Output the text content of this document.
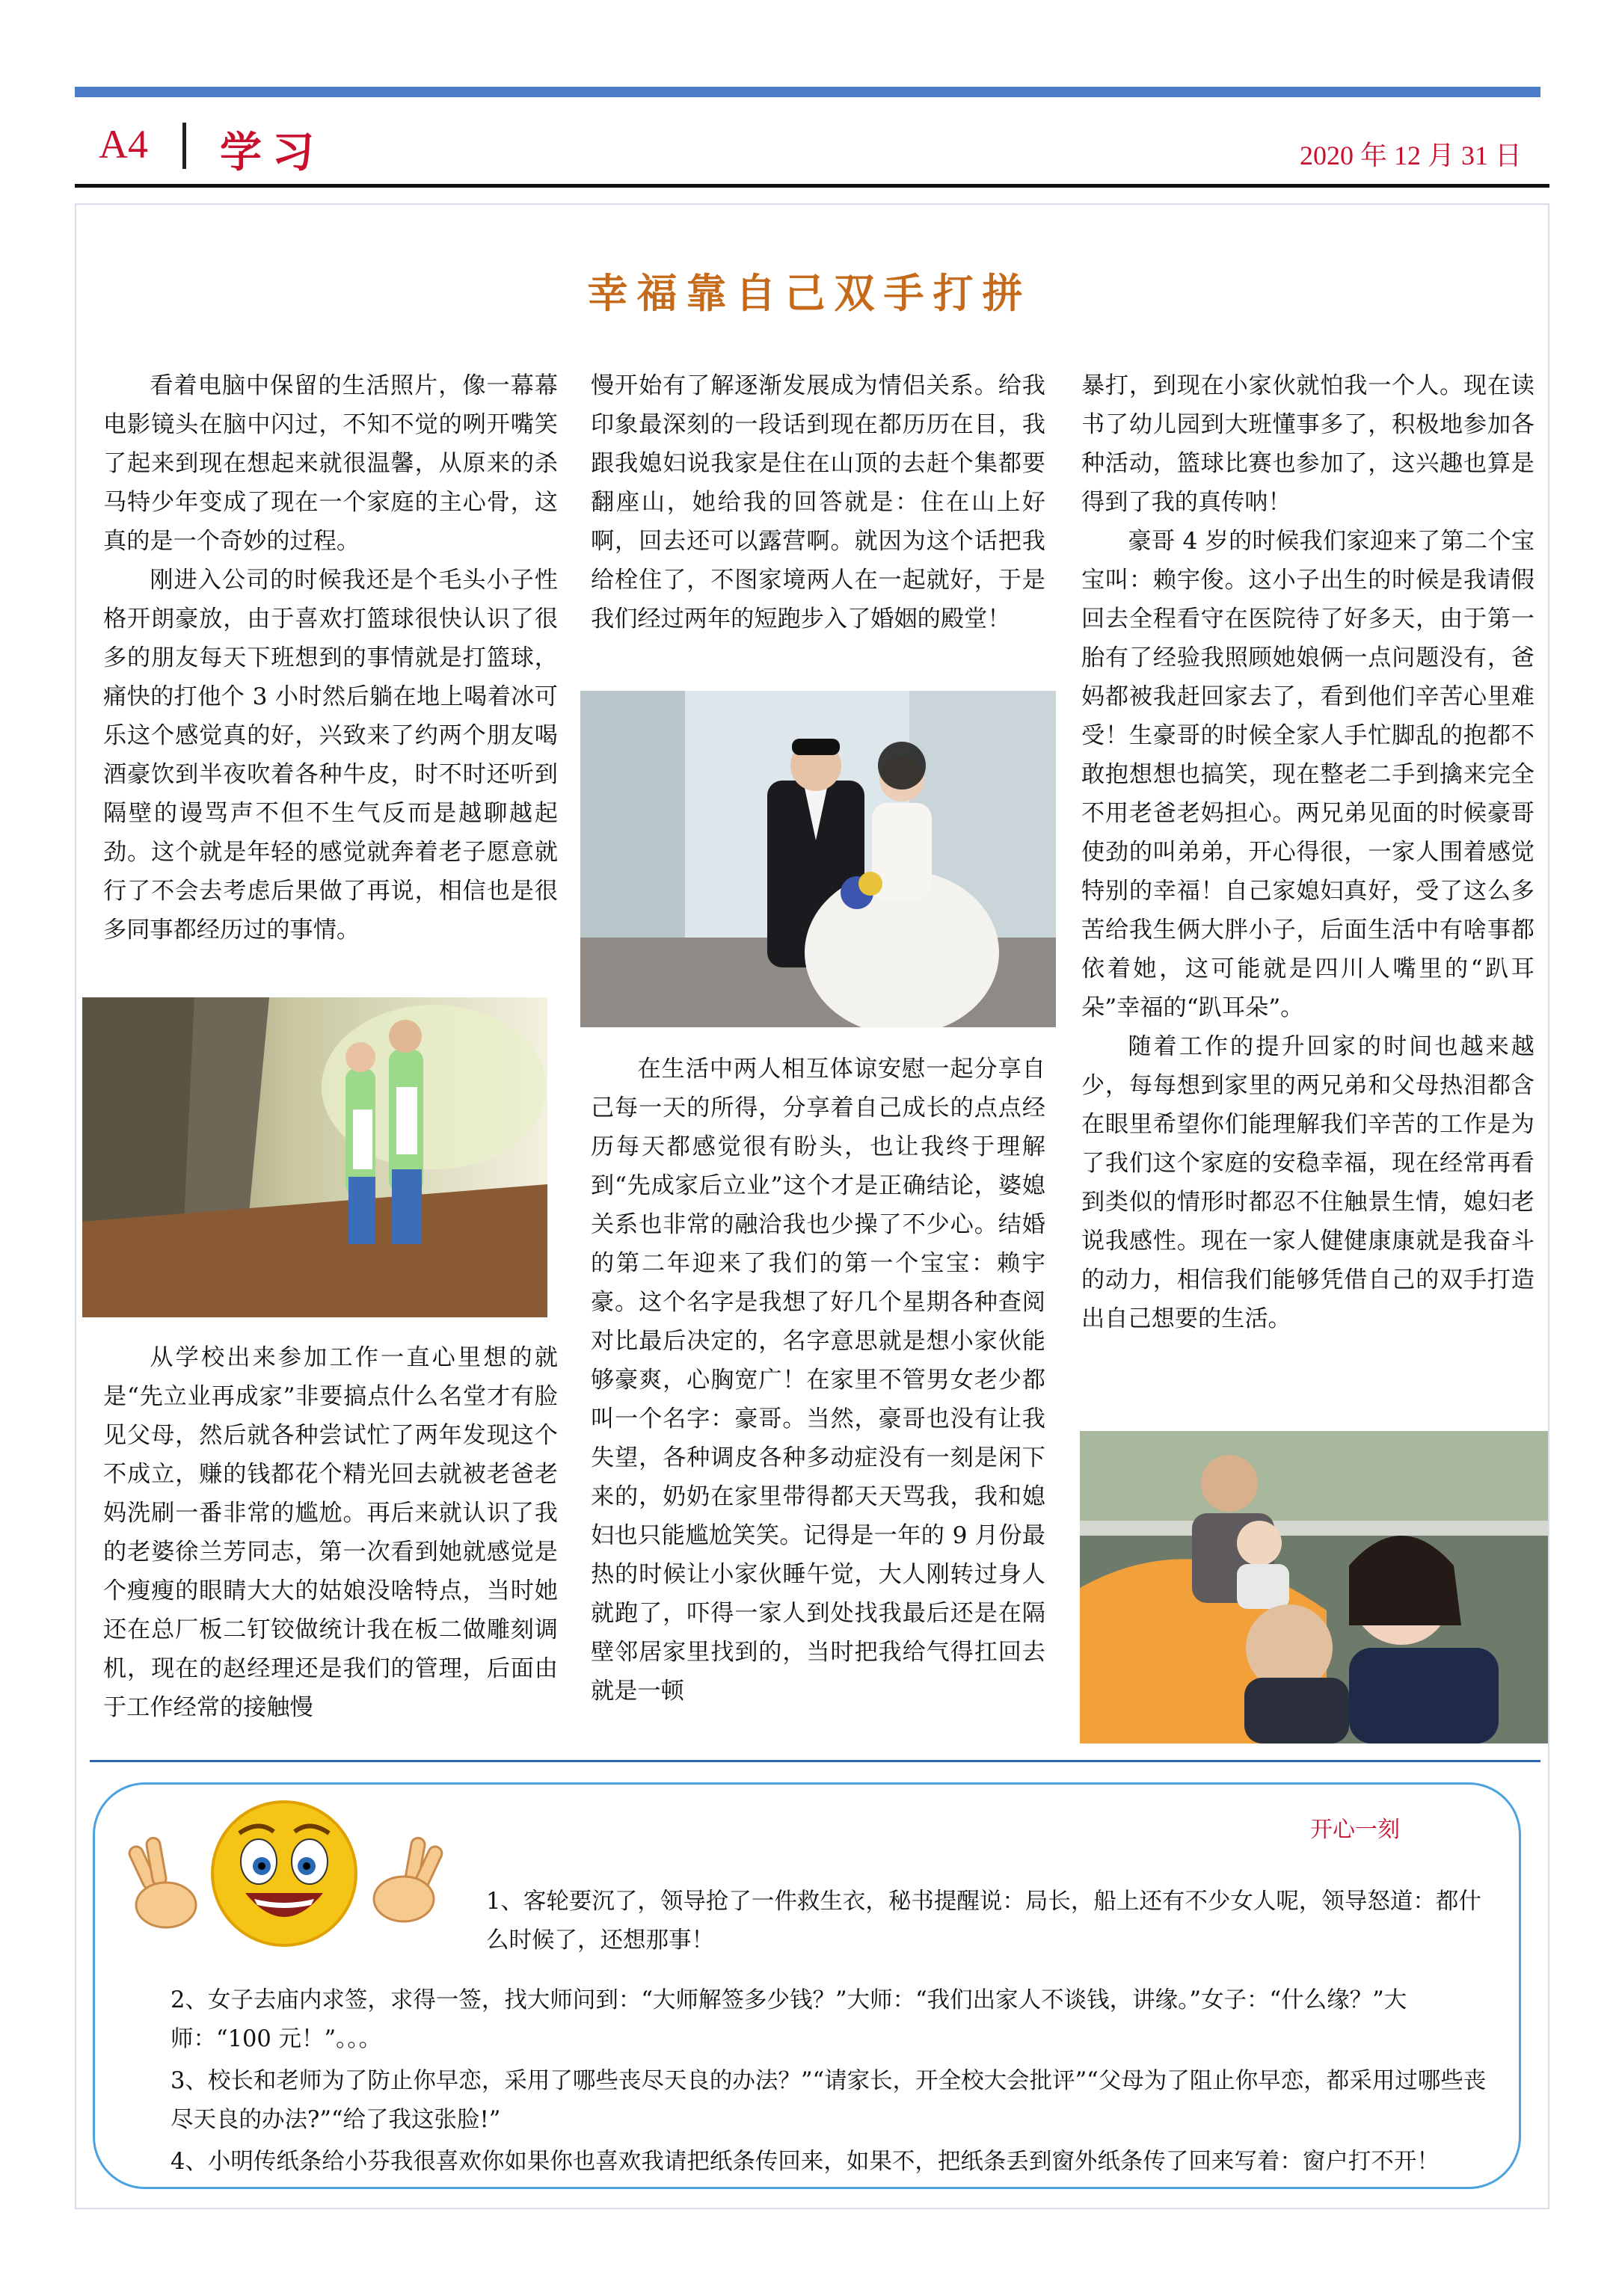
A4 学习	2020 年 12 月 31 日
幸福靠自己双手打拼

看着电脑中保留的生活照片，像一幕幕电影镜头在脑中闪过，不知不觉的咧开嘴笑了起来到现在想起来就很温馨，从原来的杀马特少年变成了现在一个家庭的主心骨，这真的是一个奇妙的过程。

刚进入公司的时候我还是个毛头小子性格开朗豪放，由于喜欢打篮球很快认识了很多的朋友每天下班想到的事情就是打篮球，痛快的打他个 3 小时然后躺在地上喝着冰可乐这个感觉真的好，兴致来了约两个朋友喝酒豪饮到半夜吹着各种牛皮，时不时还听到隔壁的谩骂声不但不生气反而是越聊越起劲。这个就是年轻的感觉就奔着老子愿意就行了不会去考虑后果做了再说，相信也是很多同事都经历过的事情。

从学校出来参加工作一直心里想的就是“先立业再成家”非要搞点什么名堂才有脸见父母，然后就各种尝试忙了两年发现这个不成立，赚的钱都花个精光回去就被老爸老妈洗刷一番非常的尴尬。再后来就认识了我的老婆徐兰芳同志，第一次看到她就感觉是个瘦瘦的眼睛大大的姑娘没啥特点，当时她还在总厂板二钉铰做统计我在板二做雕刻调机，现在的赵经理还是我们的管理，后面由于工作经常的接触慢

慢开始有了解逐渐发展成为情侣关系。给我印象最深刻的一段话到现在都历历在目，我跟我媳妇说我家是住在山顶的去赶个集都要翻座山，她给我的回答就是：住在山上好啊，回去还可以露营啊。就因为这个话把我给栓住了，不图家境两人在一起就好，于是我们经过两年的短跑步入了婚姻的殿堂！

在生活中两人相互体谅安慰一起分享自己每一天的所得，分享着自己成长的点点经历每天都感觉很有盼头，也让我终于理解到“先成家后立业”这个才是正确结论，婆媳关系也非常的融洽我也少操了不少心。结婚的第二年迎来了我们的第一个宝宝：赖宇豪。这个名字是我想了好几个星期各种查阅对比最后决定的，名字意思就是想小家伙能够豪爽，心胸宽广！在家里不管男女老少都叫一个名字：豪哥。当然，豪哥也没有让我失望，各种调皮各种多动症没有一刻是闲下来的，奶奶在家里带得都天天骂我，我和媳妇也只能尴尬笑笑。记得是一年的 9 月份最热的时候让小家伙睡午觉，大人刚转过身人就跑了，吓得一家人到处找我最后还是在隔壁邻居家里找到的，当时把我给气得扛回去就是一顿

暴打，到现在小家伙就怕我一个人。现在读书了幼儿园到大班懂事多了，积极地参加各种活动，篮球比赛也参加了，这兴趣也算是得到了我的真传呐！

豪哥 4 岁的时候我们家迎来了第二个宝宝叫：赖宇俊。这小子出生的时候是我请假回去全程看守在医院待了好多天，由于第一胎有了经验我照顾她娘俩一点问题没有，爸妈都被我赶回家去了，看到他们辛苦心里难受！生豪哥的时候全家人手忙脚乱的抱都不敢抱想想也搞笑，现在整老二手到擒来完全不用老爸老妈担心。两兄弟见面的时候豪哥使劲的叫弟弟，开心得很，一家人围着感觉特别的幸福！自己家媳妇真好，受了这么多苦给我生俩大胖小子，后面生活中有啥事都依着她，这可能就是四川人嘴里的“趴耳朵”幸福的“趴耳朵”。

随着工作的提升回家的时间也越来越少，每每想到家里的两兄弟和父母热泪都含在眼里希望你们能理解我们辛苦的工作是为了我们这个家庭的安稳幸福，现在经常再看到类似的情形时都忍不住触景生情，媳妇老说我感性。现在一家人健健康康就是我奋斗的动力，相信我们能够凭借自己的双手打造出自己想要的生活。

开心一刻
1、客轮要沉了，领导抢了一件救生衣，秘书提醒说：局长，船上还有不少女人呢，领导怒道：都什么时候了，还想那事！
2、女子去庙内求签，求得一签，找大师问到：“大师解签多少钱？”大师：“我们出家人不谈钱，讲缘。”女子：“什么缘？”大师：“100 元！”。。。
3、校长和老师为了防止你早恋，采用了哪些丧尽天良的办法？”“请家长，开全校大会批评”“父母为了阻止你早恋，都采用过哪些丧尽天良的办法?”“给了我这张脸!”
4、小明传纸条给小芬我很喜欢你如果你也喜欢我请把纸条传回来，如果不，把纸条丢到窗外纸条传了回来写着：窗户打不开！
